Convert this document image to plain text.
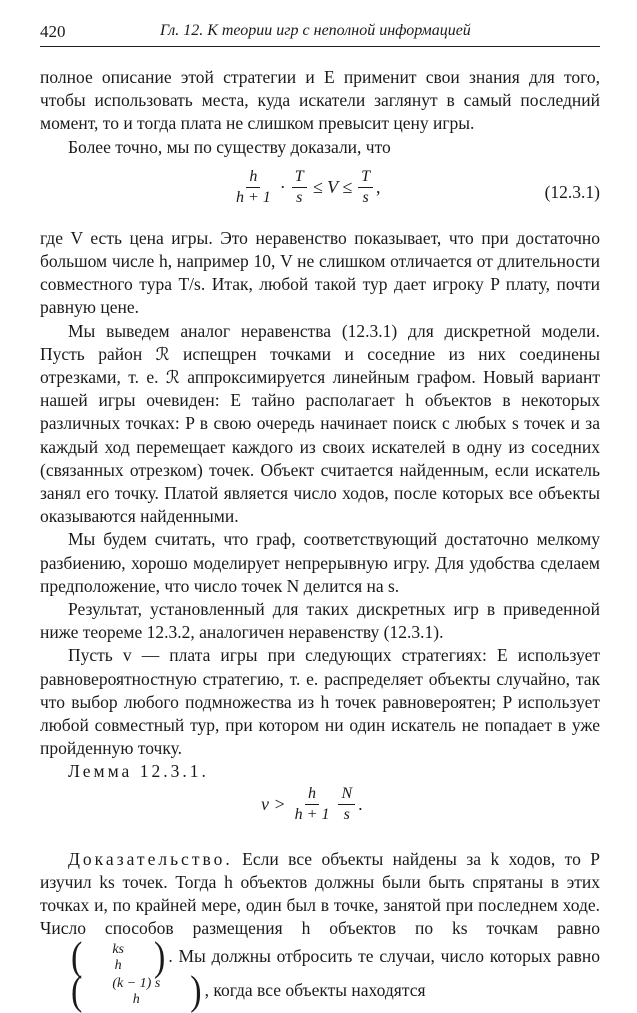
420	Гл. 12. К теории игр с неполной информацией

полное описание этой стратегии и E применит свои знания для того, чтобы использовать места, куда искатели заглянут в самый последний момент, то и тогда плата не слишком превысит цену игры.

Более точно, мы по существу доказали, что

$\frac{h}{h + 1} \cdot \frac{T}{s} \le V \le \frac{T}{s}$ ,	(12.3.1)

где V есть цена игры. Это неравенство показывает, что при достаточно большом числе h, например 10, V не слишком отличается от длительности совместного тура T/s. Итак, любой такой тур дает игроку P плату, почти равную цене.

Мы выведем аналог неравенства (12.3.1) для дискретной модели. Пусть район ℛ испещрен точками и соседние из них соединены отрезками, т. е. ℛ аппроксимируется линейным графом. Новый вариант нашей игры очевиден: E тайно располагает h объектов в некоторых различных точках: P в свою очередь начинает поиск с любых s точек и за каждый ход перемещает каждого из своих искателей в одну из соседних (связанных отрезком) точек. Объект считается найденным, если искатель занял его точку. Платой является число ходов, после которых все объекты оказываются найденными.

Мы будем считать, что граф, соответствующий достаточно мелкому разбиению, хорошо моделирует непрерывную игру. Для удобства сделаем предположение, что число точек N делится на s.

Результат, установленный для таких дискретных игр в приведенной ниже теореме 12.3.2, аналогичен неравенству (12.3.1).

Пусть v — плата игры при следующих стратегиях: E использует равновероятностную стратегию, т. е. распределяет объекты случайно, так что выбор любого подмножества из h точек равновероятен; P использует любой совместный тур, при котором ни один искатель не попадает в уже пройденную точку.

Лемма 12.3.1.

$v > \frac{h}{h + 1} \frac{N}{s}$ .

Доказательство. Если все объекты найдены за k ходов, то P изучил ks точек. Тогда h объектов должны были быть спрятаны в этих точках и, по крайней мере, один был в точке, занятой при последнем ходе. Число способов размещения h объектов по ks точкам равно
(	ks
h ) . Мы должны отбросить те случаи, число которых равно
(	(k − 1) s
h	) , когда все объекты находятся
